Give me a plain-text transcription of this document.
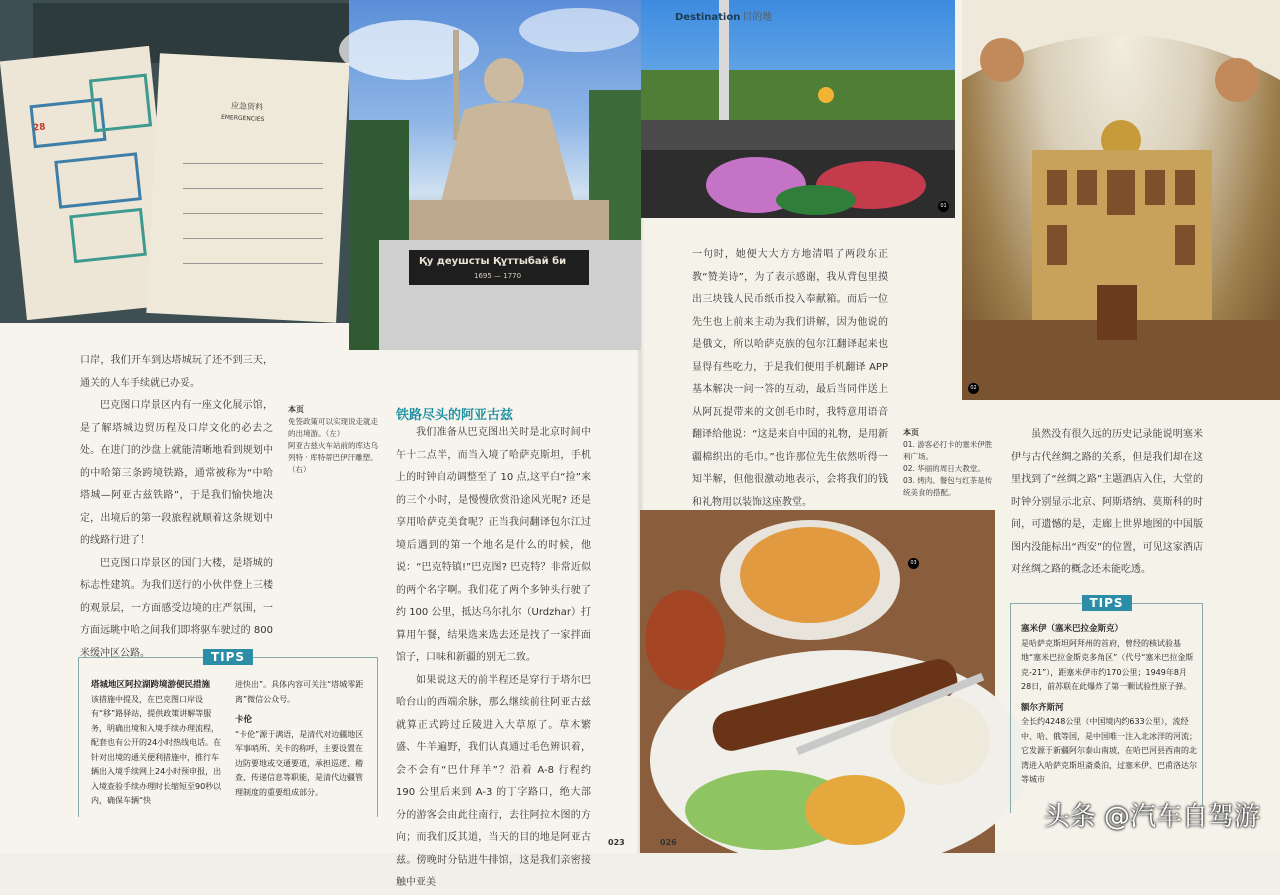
应急资料
EMERGENCIES
28
Қу деушсты Құттыбай би
1695 — 1770
01
02
03
Destination 目的地

口岸，我们开车到达塔城玩了还不到三天，通关的人车手续就已办妥。

巴克图口岸景区内有一座文化展示馆，是了解塔城边贸历程及口岸文化的必去之处。在进门的沙盘上就能清晰地看到规划中的中哈第三条跨境铁路，通常被称为“中哈塔城—阿亚古兹铁路”，于是我们愉快地决定，出境后的第一段旅程就顺着这条规划中的线路行进了！

巴克图口岸景区的国门大楼，是塔城的标志性建筑。为我们送行的小伙伴登上三楼的观景层，一方面感受边境的庄严氛围，一方面远眺中哈之间我们即将驱车驶过的 800 米缓冲区公路。

本页
免签政策可以实现说走就走的出境游。（左）
阿亚古兹火车站前的库达乌列特 · 库特蒂巴伊汗雕塑。（右）
铁路尽头的阿亚古兹

我们准备从巴克图出关时是北京时间中午十二点半，而当入境了哈萨克斯坦，手机上的时钟自动调整至了 10 点,这平白“捡”来的三个小时，是慢慢欣赏沿途风光呢? 还是享用哈萨克美食呢？正当我问翻译包尔江过境后遇到的第一个地名是什么的时候，他说：“巴克特镇!”巴克图? 巴克特？非常近似的两个名字啊。我们花了两个多钟头行驶了约 100 公里，抵达乌尔扎尔（Urdzhar）打算用午餐，结果选来选去还是找了一家拌面馆子，口味和新疆的别无二致。

如果说这天的前半程还是穿行于塔尔巴哈台山的西端余脉，那么继续前往阿亚古兹就算正式跨过丘陵进入大草原了。草木繁盛、牛羊遍野，我们认真通过毛色辨识着，会不会有“巴什拜羊”？沿着 A-8 行程约 190 公里后来到 A-3 的丁字路口，绝大部分的游客会由此往南行，去往阿拉木图的方向；而我们反其道，当天的目的地是阿亚古兹。傍晚时分钻进牛排馆，这是我们亲密接触中亚美

TIPS
塔城地区阿拉湖跨境游便民措施
该措施中提及，在巴克图口岸设有“移”路驿站，提供政策讲解等服务，明确出境和入境手续办理流程，配套也有公开的24小时热线电话。在针对出境的通关便利措施中，推行车辆出入境手续网上24小时预申报，出入境查验手续办理时长缩短至90秒以内，确保车辆“快
进快出”。具体内容可关注“塔城零距离”微信公众号。
卡伦
“卡伦”源于满语，是清代对边疆地区军事哨所、关卡的称呼，主要设置在边防要地或交通要道，承担巡逻、稽查、传递信息等职能，是清代边疆管理制度的重要组成部分。

一句时，她便大大方方地清唱了两段东正教“赞美诗”，为了表示感谢，我从背包里摸出三块钱人民币纸币投入奉献箱。而后一位先生也上前来主动为我们讲解，因为他说的是俄文，所以哈萨克族的包尔江翻译起来也显得有些吃力，于是我们便用手机翻译 APP 基本解决一问一答的互动，最后当同伴送上从阿瓦提带来的文创毛巾时，我特意用语音翻译给他说：“这是来自中国的礼物，是用新疆棉织出的毛巾。”也许那位先生依然听得一知半解，但他很激动地表示，会将我们的钱和礼物用以装饰这座教堂。

本页
01. 游客必打卡的塞米伊胜利广场。
02. 华丽的周日大教堂。
03. 烤肉、餐包与红茶是传统美食的搭配。

虽然没有很久远的历史记录能说明塞米伊与古代丝绸之路的关系，但是我们却在这里找到了“丝绸之路”主题酒店入住，大堂的时钟分别显示北京、阿斯塔纳、莫斯科的时间，可遗憾的是，走廊上世界地图的中国版图内没能标出“西安”的位置，可见这家酒店对丝绸之路的概念还未能吃透。

TIPS
塞米伊（塞米巴拉金斯克）
是哈萨克斯坦阿拜州的首府，曾经的核试验基地“塞米巴拉金斯克多角区”（代号“塞米巴拉金斯克-21”），距塞米伊市约170公里；1949年8月28日，前苏联在此爆炸了第一颗试验性原子弹。
额尔齐斯河
全长约4248公里（中国境内约633公里），流经中、哈、俄等国，是中国唯一注入北冰洋的河流；它发源于新疆阿尔泰山南坡，在哈巴河县西南的北湾进入哈萨克斯坦斋桑泊，过塞米伊、巴甫洛达尔等城市
023	026
头条 @汽车自驾游
